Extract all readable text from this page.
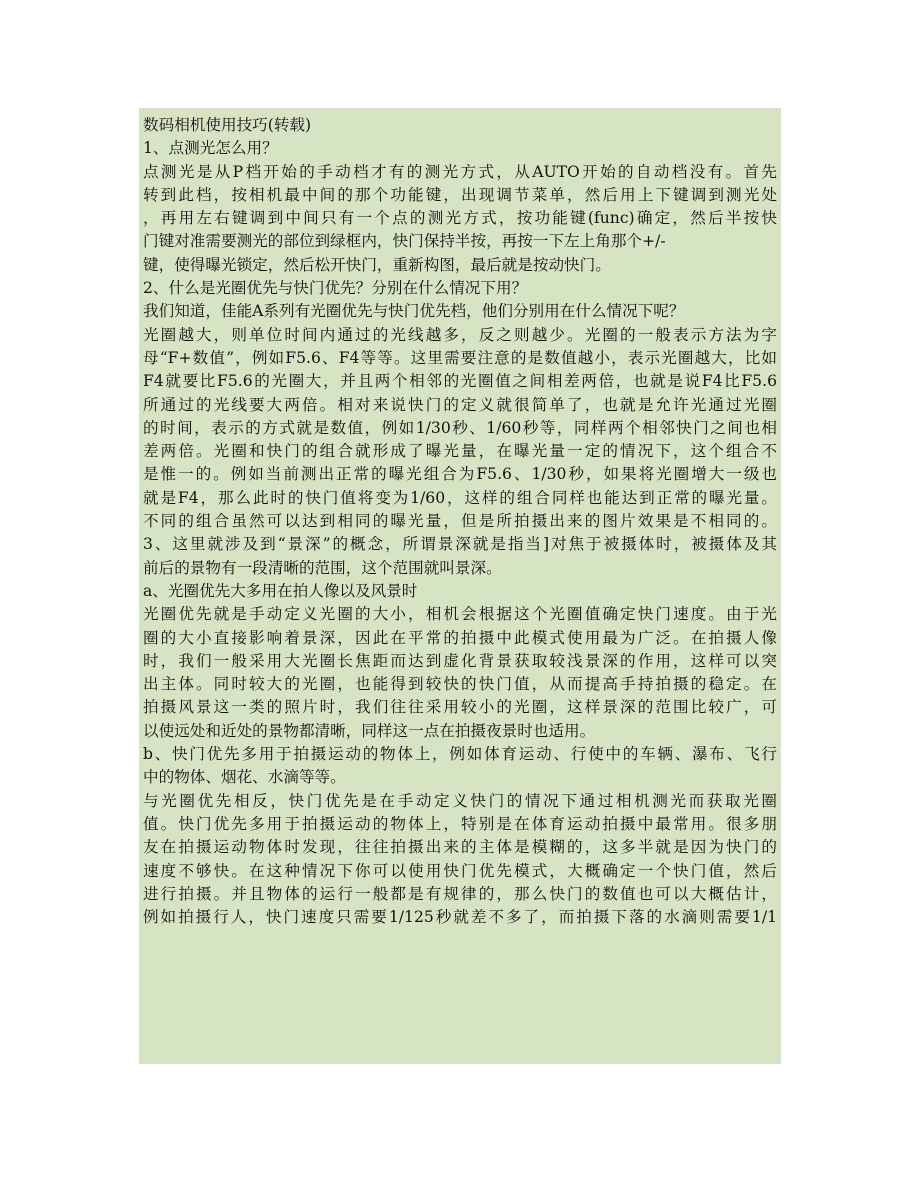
数码相机使用技巧(转载)
1、点测光怎么用？
点测光是从P档开始的手动档才有的测光方式，从AUTO开始的自动档没有。首先
转到此档，按相机最中间的那个功能键，出现调节菜单，然后用上下键调到测光处
，再用左右键调到中间只有一个点的测光方式，按功能键(func)确定，然后半按快
门键对准需要测光的部位到绿框内，快门保持半按，再按一下左上角那个+/-
键，使得曝光锁定，然后松开快门，重新构图，最后就是按动快门。
2、什么是光圈优先与快门优先？分别在什么情况下用？
我们知道，佳能A系列有光圈优先与快门优先档，他们分别用在什么情况下呢？
光圈越大，则单位时间内通过的光线越多，反之则越少。光圈的一般表示方法为字
母“F+数值”，例如F5.6、F4等等。这里需要注意的是数值越小，表示光圈越大，比如
F4就要比F5.6的光圈大，并且两个相邻的光圈值之间相差两倍，也就是说F4比F5.6
所通过的光线要大两倍。相对来说快门的定义就很简单了，也就是允许光通过光圈
的时间，表示的方式就是数值，例如1/30秒、1/60秒等，同样两个相邻快门之间也相
差两倍。光圈和快门的组合就形成了曝光量，在曝光量一定的情况下，这个组合不
是惟一的。例如当前测出正常的曝光组合为F5.6、1/30秒，如果将光圈增大一级也
就是F4，那么此时的快门值将变为1/60，这样的组合同样也能达到正常的曝光量。
不同的组合虽然可以达到相同的曝光量，但是所拍摄出来的图片效果是不相同的。
3、这里就涉及到“景深”的概念，所谓景深就是指当]对焦于被摄体时，被摄体及其
前后的景物有一段清晰的范围，这个范围就叫景深。
a、光圈优先大多用在拍人像以及风景时
光圈优先就是手动定义光圈的大小，相机会根据这个光圈值确定快门速度。由于光
圈的大小直接影响着景深，因此在平常的拍摄中此模式使用最为广泛。在拍摄人像
时，我们一般采用大光圈长焦距而达到虚化背景获取较浅景深的作用，这样可以突
出主体。同时较大的光圈，也能得到较快的快门值，从而提高手持拍摄的稳定。在
拍摄风景这一类的照片时，我们往往采用较小的光圈，这样景深的范围比较广，可
以使远处和近处的景物都清晰，同样这一点在拍摄夜景时也适用。
b、快门优先多用于拍摄运动的物体上，例如体育运动、行使中的车辆、瀑布、飞行
中的物体、烟花、水滴等等。
与光圈优先相反，快门优先是在手动定义快门的情况下通过相机测光而获取光圈
值。快门优先多用于拍摄运动的物体上，特别是在体育运动拍摄中最常用。很多朋
友在拍摄运动物体时发现，往往拍摄出来的主体是模糊的，这多半就是因为快门的
速度不够快。在这种情况下你可以使用快门优先模式，大概确定一个快门值，然后
进行拍摄。并且物体的运行一般都是有规律的，那么快门的数值也可以大概估计，
例如拍摄行人，快门速度只需要1/125秒就差不多了，而拍摄下落的水滴则需要1/1
